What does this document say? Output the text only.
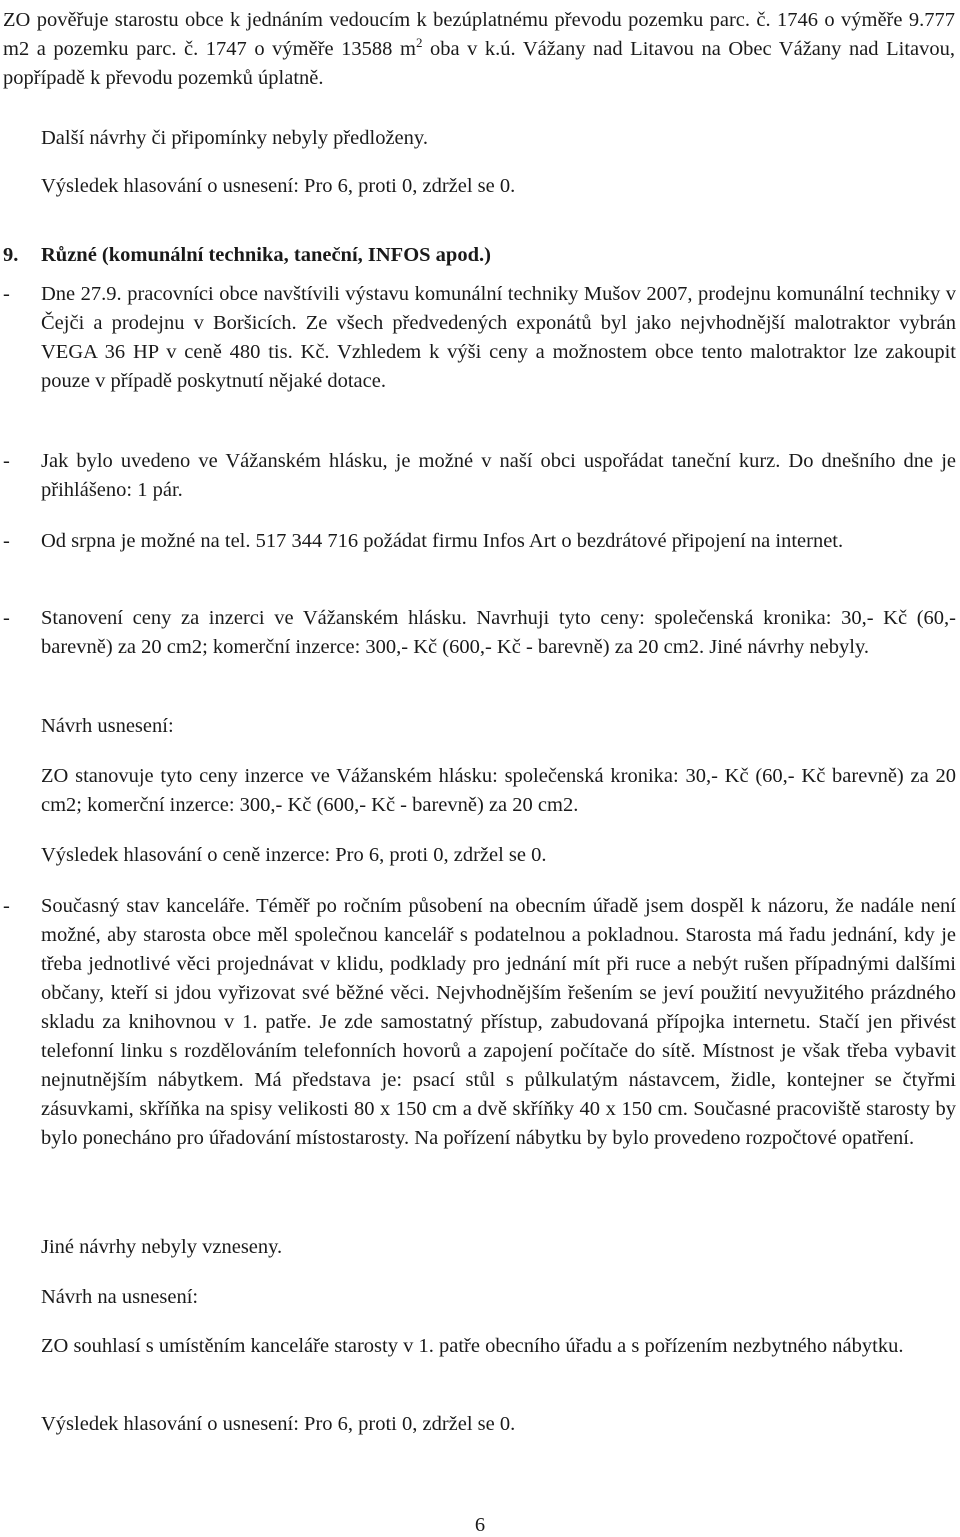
ZO pověřuje starostu obce k jednáním vedoucím k bezúplatnému převodu pozemku parc. č. 1746 o výměře 9.777 m2 a pozemku parc. č. 1747 o výměře 13588 $m^2$ oba v k.ú. Vážany nad Litavou na Obec Vážany nad Litavou, popřípadě k převodu pozemků úplatně.

Další návrhy či připomínky nebyly předloženy.

Výsledek hlasování o usnesení: Pro 6, proti 0, zdržel se 0.

9. Různé (komunální technika, taneční, INFOS apod.)
-	Dne 27.9. pracovníci obce navštívili výstavu komunální techniky Mušov 2007, prodejnu komunální techniky v Čejči a prodejnu v Boršicích. Ze všech předvedených exponátů byl jako nejvhodnější malotraktor vybrán VEGA 36 HP v ceně 480 tis. Kč. Vzhledem k výši ceny a možnostem obce tento malotraktor lze zakoupit pouze v případě poskytnutí nějaké dotace.
-	Jak bylo uvedeno ve Vážanském hlásku, je možné v naší obci uspořádat taneční kurz. Do dnešního dne je přihlášeno: 1 pár.
-	Od srpna je možné na tel. 517 344 716 požádat firmu Infos Art o bezdrátové připojení na internet.
-	Stanovení ceny za inzerci ve Vážanském hlásku. Navrhuji tyto ceny: společenská kronika: 30,- Kč (60,- barevně) za 20 cm2; komerční inzerce: 300,- Kč (600,- Kč - barevně) za 20 cm2. Jiné návrhy nebyly.

Návrh usnesení:

ZO stanovuje tyto ceny inzerce ve Vážanském hlásku: společenská kronika: 30,- Kč (60,- Kč barevně) za 20 cm2; komerční inzerce: 300,- Kč (600,- Kč - barevně) za 20 cm2.

Výsledek hlasování o ceně inzerce: Pro 6, proti 0, zdržel se 0.

-	Současný stav kanceláře. Téměř po ročním působení na obecním úřadě jsem dospěl k názoru, že nadále není možné, aby starosta obce měl společnou kancelář s podatelnou a pokladnou. Starosta má řadu jednání, kdy je třeba jednotlivé věci projednávat v klidu, podklady pro jednání mít při ruce a nebýt rušen případnými dalšími občany, kteří si jdou vyřizovat své běžné věci. Nejvhodnějším řešením se jeví použití nevyužitého prázdného skladu za knihovnou v 1. patře. Je zde samostatný přístup, zabudovaná přípojka internetu. Stačí jen přivést telefonní linku s rozdělováním telefonních hovorů a zapojení počítače do sítě. Místnost je však třeba vybavit nejnutnějším nábytkem. Má představa je: psací stůl s půlkulatým nástavcem, židle, kontejner se čtyřmi zásuvkami, skříňka na spisy velikosti 80 x 150 cm a dvě skříňky 40 x 150 cm. Současné pracoviště starosty by bylo ponecháno pro úřadování místostarosty. Na pořízení nábytku by bylo provedeno rozpočtové opatření.

Jiné návrhy nebyly vzneseny.

Návrh na usnesení:

ZO souhlasí s umístěním kanceláře starosty v 1. patře obecního úřadu a s pořízením nezbytného nábytku.

Výsledek hlasování o usnesení: Pro 6, proti 0, zdržel se 0.

6
